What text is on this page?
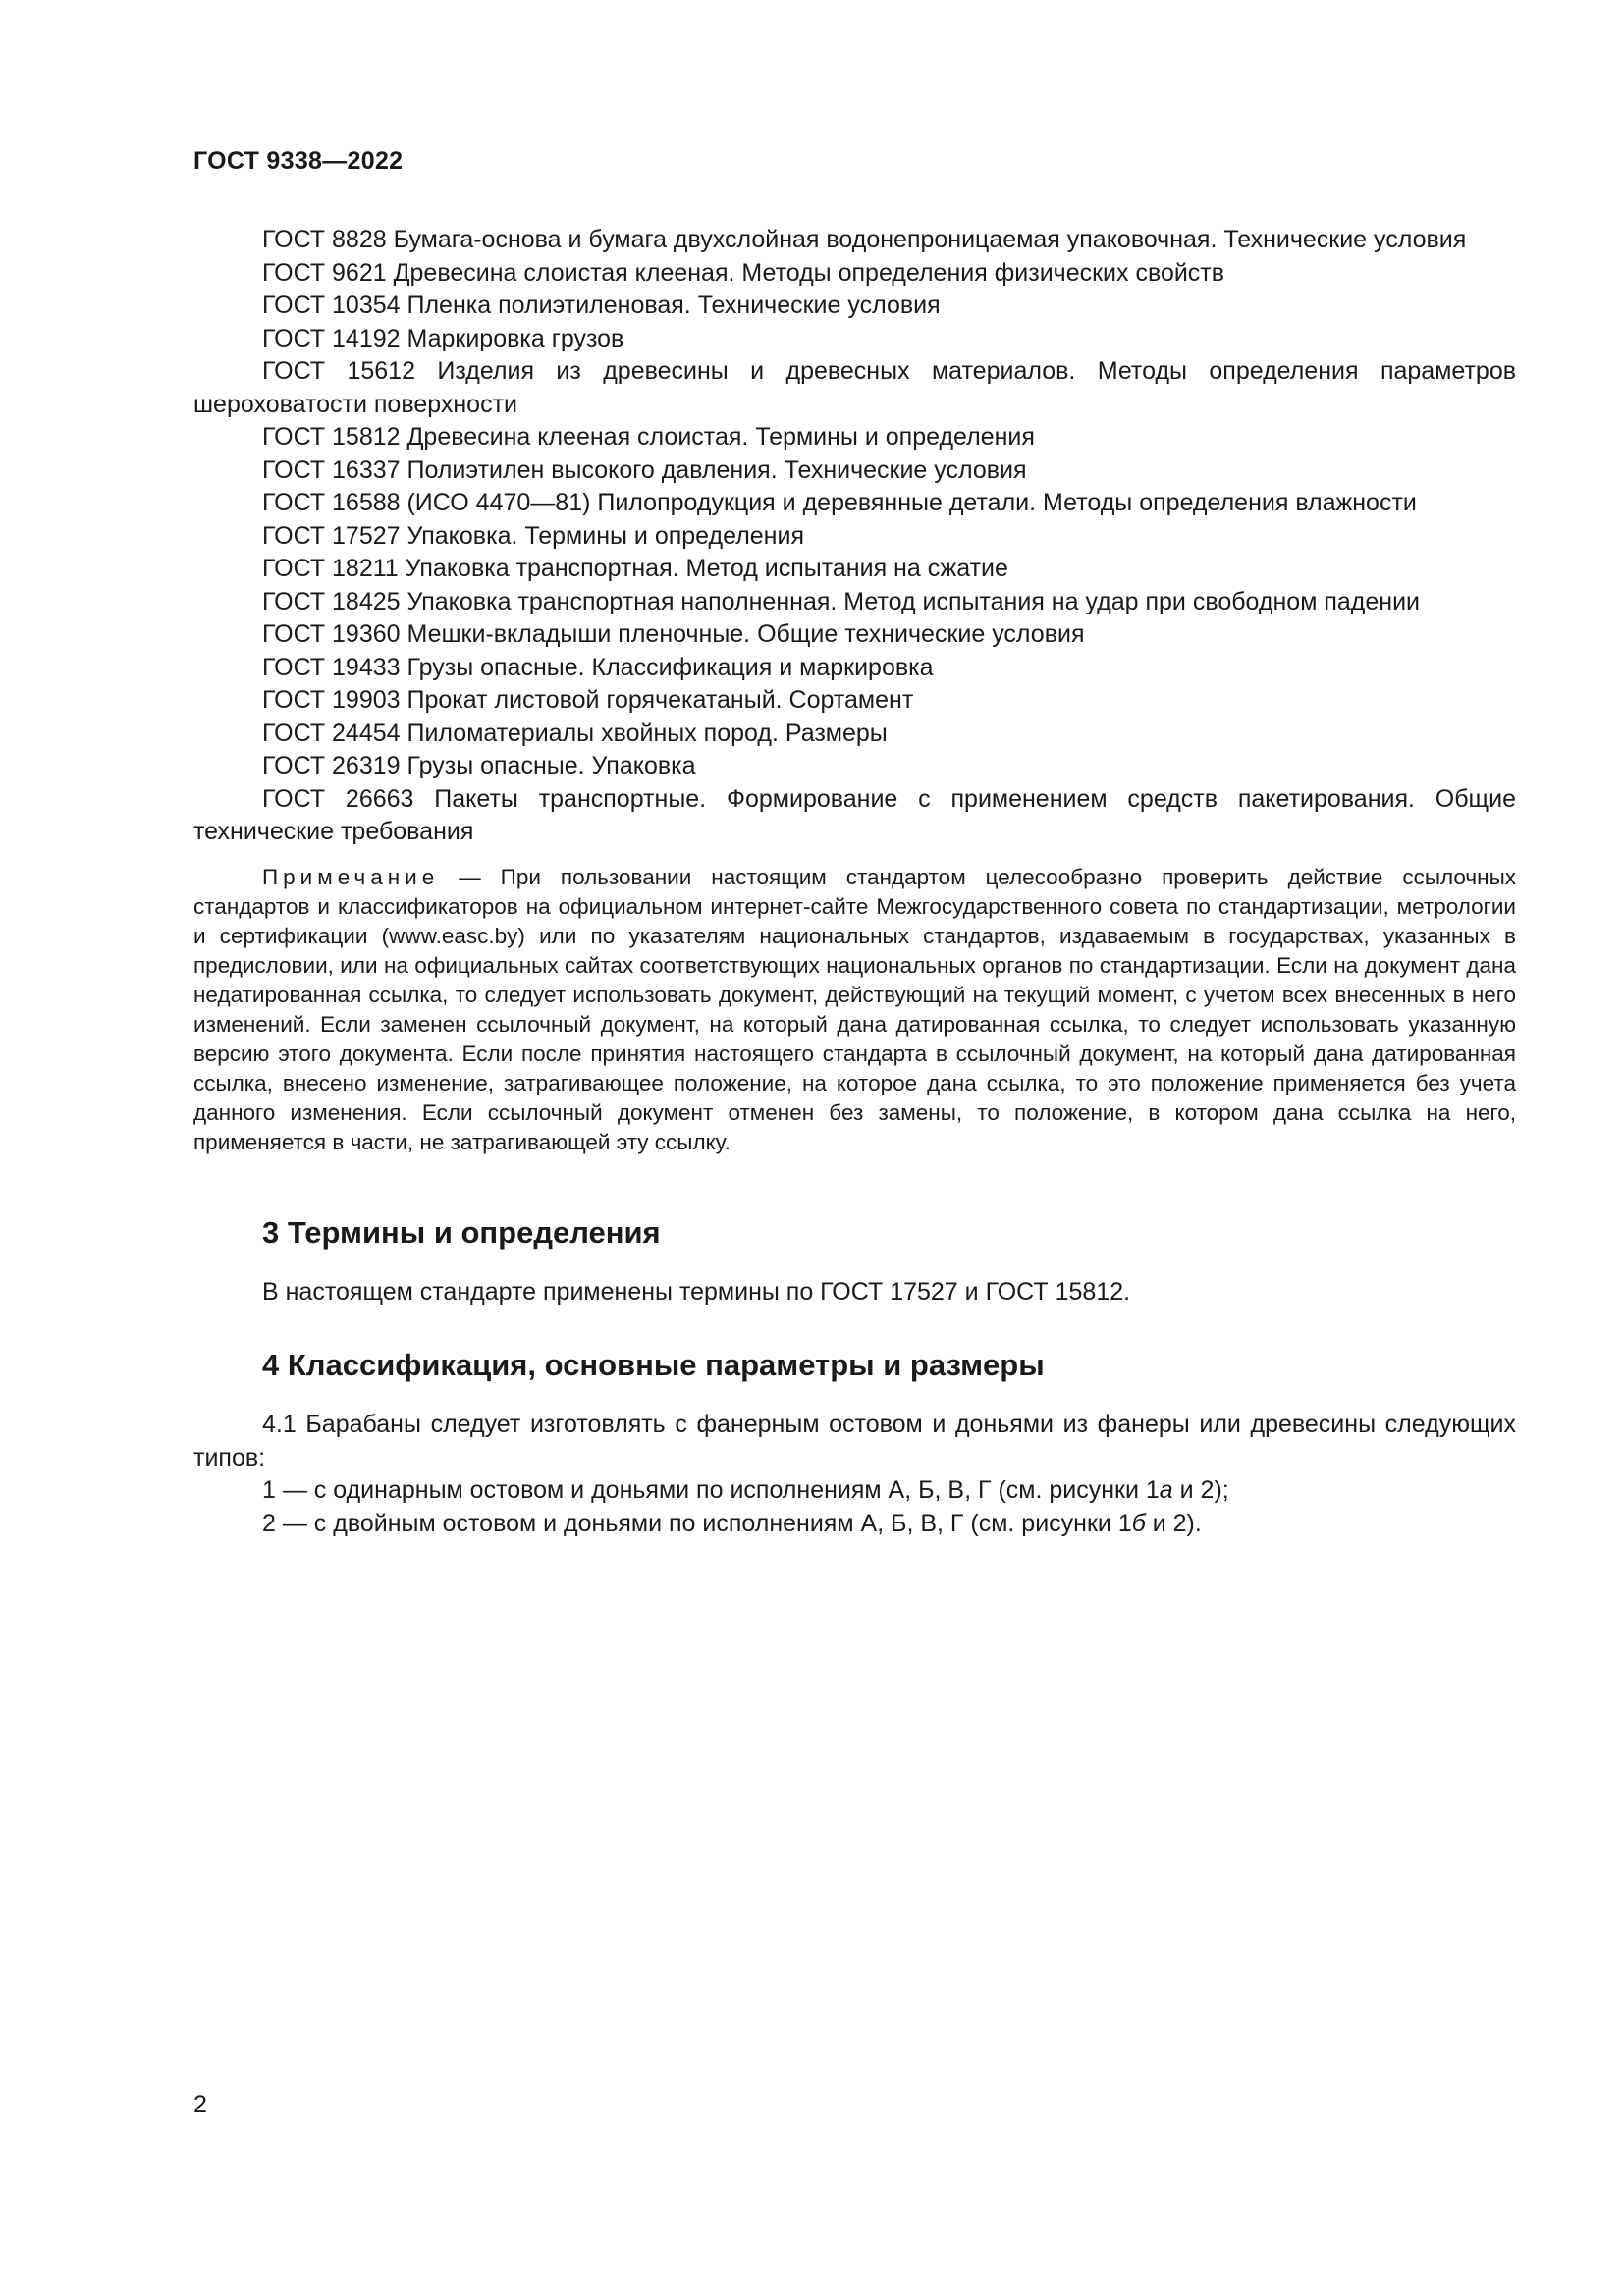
ГОСТ 9338—2022

ГОСТ 8828 Бумага-основа и бумага двухслойная водонепроницаемая упаковочная. Технические условия

ГОСТ 9621 Древесина слоистая клееная. Методы определения физических свойств

ГОСТ 10354 Пленка полиэтиленовая. Технические условия

ГОСТ 14192 Маркировка грузов

ГОСТ 15612 Изделия из древесины и древесных материалов. Методы определения параметров шероховатости поверхности

ГОСТ 15812 Древесина клееная слоистая. Термины и определения

ГОСТ 16337 Полиэтилен высокого давления. Технические условия

ГОСТ 16588 (ИСО 4470—81) Пилопродукция и деревянные детали. Методы определения влажности

ГОСТ 17527 Упаковка. Термины и определения

ГОСТ 18211 Упаковка транспортная. Метод испытания на сжатие

ГОСТ 18425 Упаковка транспортная наполненная. Метод испытания на удар при свободном падении

ГОСТ 19360 Мешки-вкладыши пленочные. Общие технические условия

ГОСТ 19433 Грузы опасные. Классификация и маркировка

ГОСТ 19903 Прокат листовой горячекатаный. Сортамент

ГОСТ 24454 Пиломатериалы хвойных пород. Размеры

ГОСТ 26319 Грузы опасные. Упаковка

ГОСТ 26663 Пакеты транспортные. Формирование с применением средств пакетирования. Общие технические требования

Примечание — При пользовании настоящим стандартом целесообразно проверить действие ссылочных стандартов и классификаторов на официальном интернет-сайте Межгосударственного совета по стандартизации, метрологии и сертификации (www.easc.by) или по указателям национальных стандартов, издаваемым в государствах, указанных в предисловии, или на официальных сайтах соответствующих национальных органов по стандартизации. Если на документ дана недатированная ссылка, то следует использовать документ, действующий на текущий момент, с учетом всех внесенных в него изменений. Если заменен ссылочный документ, на который дана датированная ссылка, то следует использовать указанную версию этого документа. Если после принятия настоящего стандарта в ссылочный документ, на который дана датированная ссылка, внесено изменение, затрагивающее положение, на которое дана ссылка, то это положение применяется без учета данного изменения. Если ссылочный документ отменен без замены, то положение, в котором дана ссылка на него, применяется в части, не затрагивающей эту ссылку.

3 Термины и определения

В настоящем стандарте применены термины по ГОСТ 17527 и ГОСТ 15812.

4 Классификация, основные параметры и размеры

4.1 Барабаны следует изготовлять с фанерным остовом и доньями из фанеры или древесины следующих типов:

1 — с одинарным остовом и доньями по исполнениям А, Б, В, Г (см. рисунки 1а и 2);

2 — с двойным остовом и доньями по исполнениям А, Б, В, Г (см. рисунки 1б и 2).

2
